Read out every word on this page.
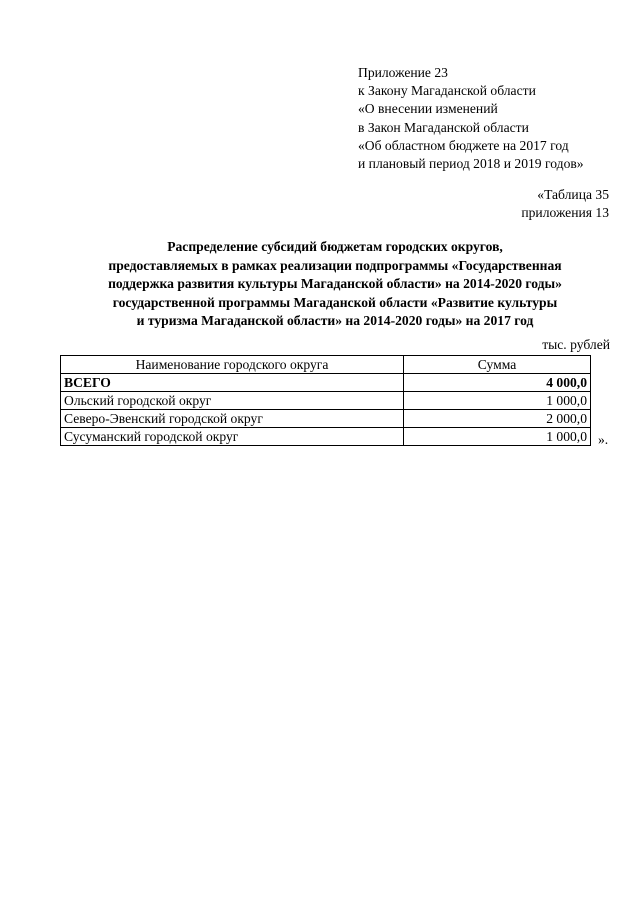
Приложение 23
к Закону Магаданской области
«О внесении изменений
в Закон Магаданской области
«Об областном бюджете на 2017 год
и плановый период 2018 и 2019 годов»
«Таблица 35
приложения 13
Распределение субсидий бюджетам городских округов,
предоставляемых в рамках реализации подпрограммы «Государственная
поддержка развития культуры Магаданской области» на 2014-2020 годы»
государственной программы Магаданской области «Развитие культуры
и туризма Магаданской области» на 2014-2020 годы» на 2017 год
тыс. рублей
Наименование городского округа	Сумма
ВСЕГО	4 000,0
Ольский городской округ	1 000,0
Северо-Эвенский городской округ	2 000,0
Сусуманский городской округ	1 000,0 ».
